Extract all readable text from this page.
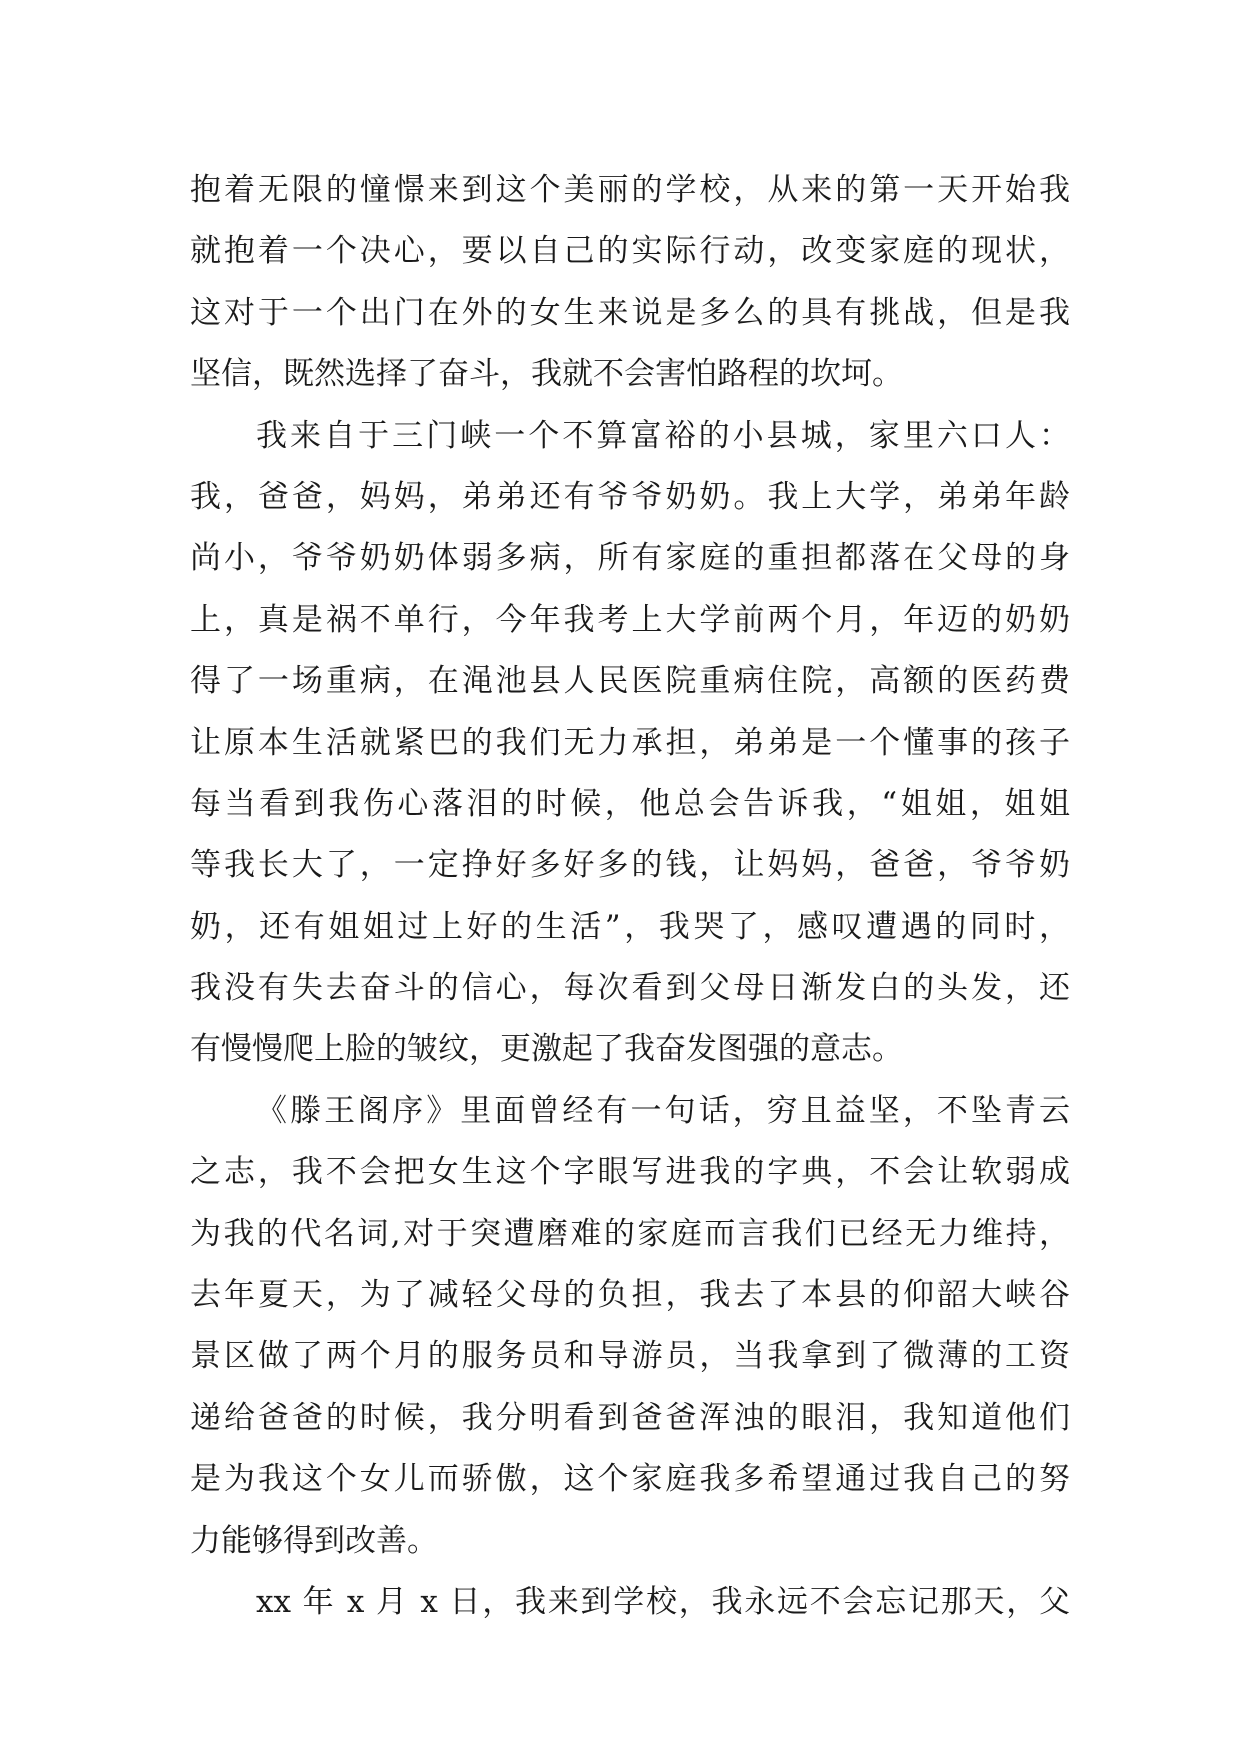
抱着无限的憧憬来到这个美丽的学校，从来的第一天开始我
就抱着一个决心，要以自己的实际行动，改变家庭的现状，
这对于一个出门在外的女生来说是多么的具有挑战，但是我
坚信，既然选择了奋斗，我就不会害怕路程的坎坷。
我来自于三门峡一个不算富裕的小县城，家里六口人：
我，爸爸，妈妈，弟弟还有爷爷奶奶。我上大学，弟弟年龄
尚小，爷爷奶奶体弱多病，所有家庭的重担都落在父母的身
上，真是祸不单行，今年我考上大学前两个月，年迈的奶奶
得了一场重病，在渑池县人民医院重病住院，高额的医药费
让原本生活就紧巴的我们无力承担，弟弟是一个懂事的孩子
每当看到我伤心落泪的时候，他总会告诉我，“姐姐，姐姐
等我长大了，一定挣好多好多的钱，让妈妈，爸爸，爷爷奶
奶，还有姐姐过上好的生活”，我哭了，感叹遭遇的同时，
我没有失去奋斗的信心，每次看到父母日渐发白的头发，还
有慢慢爬上脸的皱纹，更激起了我奋发图强的意志。
《滕王阁序》里面曾经有一句话，穷且益坚，不坠青云
之志，我不会把女生这个字眼写进我的字典，不会让软弱成
为我的代名词,对于突遭磨难的家庭而言我们已经无力维持，
去年夏天，为了减轻父母的负担，我去了本县的仰韶大峡谷
景区做了两个月的服务员和导游员，当我拿到了微薄的工资
递给爸爸的时候，我分明看到爸爸浑浊的眼泪，我知道他们
是为我这个女儿而骄傲，这个家庭我多希望通过我自己的努
力能够得到改善。
xx 年 x 月 x 日，我来到学校，我永远不会忘记那天，父
